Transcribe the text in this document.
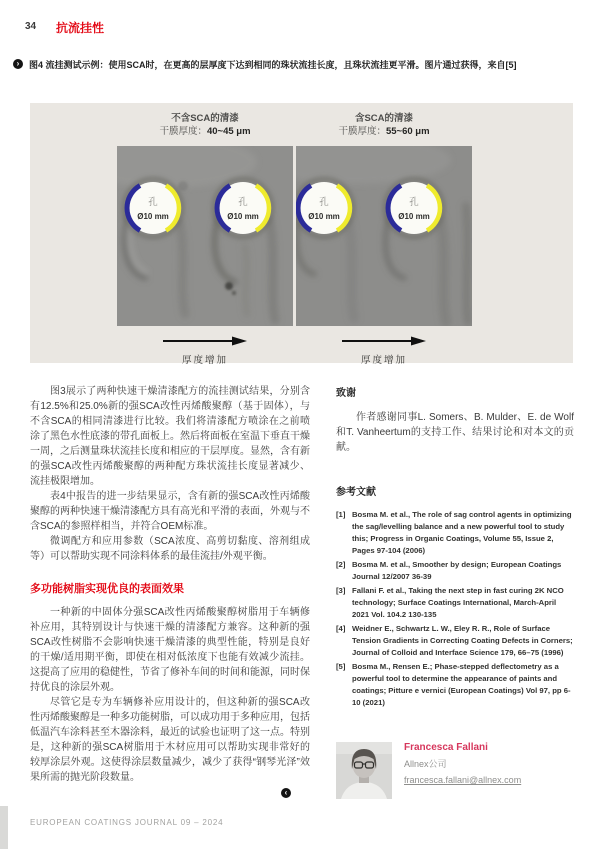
34 抗流挂性
›	图4 流挂测试示例：使用SCA时，在更高的层厚度下达到相同的珠状流挂长度，且珠状流挂更平滑。图片通过获得，来自[5]
不含SCA的清漆
干膜厚度：40~45 μm
含SCA的清漆
干膜厚度：55~60 μm
厚度增加	厚度增加

图3展示了两种快速干燥清漆配方的流挂测试结果，分别含有12.5%和25.0%新的强SCA改性丙烯酸聚醇（基于固体），与不含SCA的相同清漆进行比较。我们将清漆配方喷涂在之前喷涂了黑色水性底漆的带孔面板上。然后将面板在室温下垂直干燥一周，之后测量珠状流挂长度和相应的干层厚度。显然，含有新的强SCA改性丙烯酸聚醇的两种配方珠状流挂长度显著减少、流挂极限增加。

表4中报告的进一步结果显示，含有新的强SCA改性丙烯酸聚醇的两种快速干燥清漆配方具有高光和平滑的表面，外观与不含SCA的参照样相当，并符合OEM标准。

微调配方和应用参数（SCA浓度、高剪切黏度、溶剂组成等）可以帮助实现不同涂料体系的最佳流挂/外观平衡。

多功能树脂实现优良的表面效果

一种新的中固体分强SCA改性丙烯酸聚醇树脂用于车辆修补应用，其特别设计与快速干燥的清漆配方兼容。这种新的强SCA改性树脂不会影响快速干燥清漆的典型性能，特别是良好的干燥/适用期平衡，即使在相对低浓度下也能有效减少流挂。这提高了应用的稳健性，节省了修补车间的时间和能源，同时保持优良的涂层外观。

尽管它是专为车辆修补应用设计的，但这种新的强SCA改性丙烯酸聚醇是一种多功能树脂，可以成功用于多种应用，包括低温汽车涂料甚至木器涂料，最近的试验也证明了这一点。特别是，这种新的强SCA树脂用于木材应用可以帮助实现非常好的较厚涂层外观。这使得涂层数量减少，减少了获得“钢琴光泽”效果所需的抛光阶段数量。

‹
致谢

作者感谢同事L. Somers、B. Mulder、E. de Wolf和T. Vanheertum的支持工作、结果讨论和对本文的贡献。

参考文献
[1] Bosma M. et al., The role of sag control agents in optimizing the sag/levelling balance and a new powerful tool to study this; Progress in Organic Coatings, Volume 55, Issue 2, Pages 97-104 (2006)
[2] Bosma M. et al., Smoother by design; European Coatings Journal 12/2007 36-39
[3] Fallani F. et al., Taking the next step in fast curing 2K NCO technology; Surface Coatings International, March-April 2021 Vol. 104.2 130-135
[4] Weidner E., Schwartz L. W., Eley R. R., Role of Surface Tension Gradients in Correcting Coating Defects in Corners; Journal of Colloid and Interface Science 179, 66–75 (1996)
[5] Bosma M., Rensen E.; Phase-stepped deflectometry as a powerful tool to determine the appearance of paints and coatings; Pitture e vernici (European Coatings) Vol 97, pp 6-10 (2021)
Francesca Fallani
Allnex公司
francesca.fallani@allnex.com
EUROPEAN COATINGS JOURNAL 09 – 2024
